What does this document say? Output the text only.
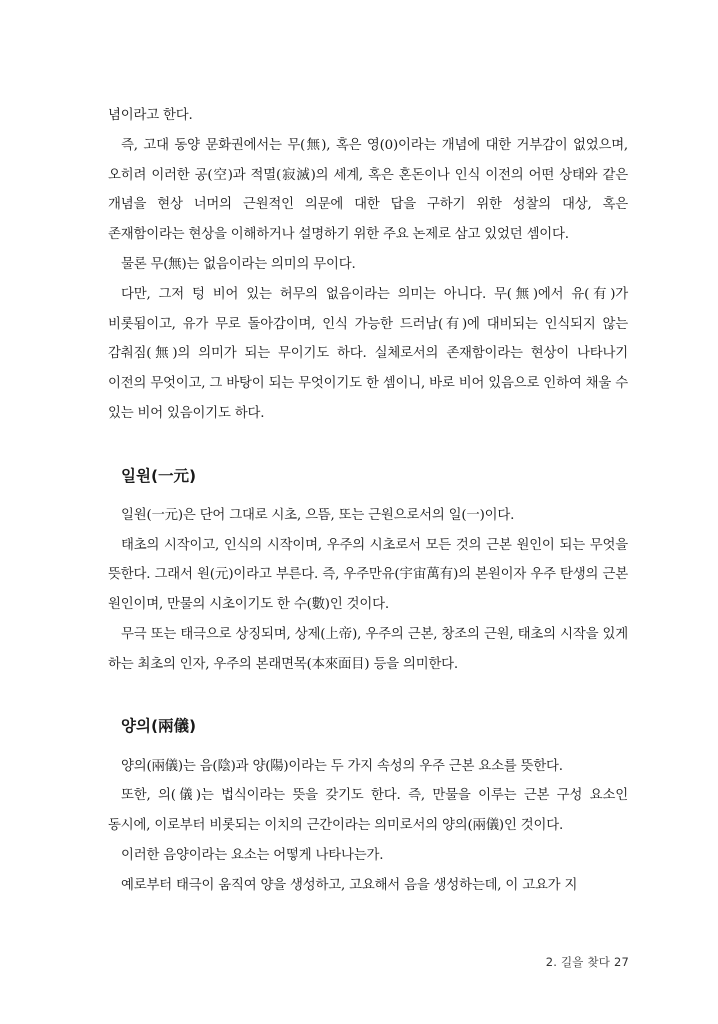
념이라고 한다.

즉, 고대 동양 문화권에서는 무(無), 혹은 영(0)이라는 개념에 대한 거부감이 없었으며, 오히려 이러한 공(空)과 적멸(寂滅)의 세계, 혹은 혼돈이나 인식 이전의 어떤 상태와 같은 개념을 현상 너머의 근원적인 의문에 대한 답을 구하기 위한 성찰의 대상, 혹은 존재함이라는 현상을 이해하거나 설명하기 위한 주요 논제로 삼고 있었던 셈이다.

물론 무(無)는 없음이라는 의미의 무이다.

다만, 그저 텅 비어 있는 허무의 없음이라는 의미는 아니다. 무(無)에서 유(有)가 비롯됨이고, 유가 무로 돌아감이며, 인식 가능한 드러남(有)에 대비되는 인식되지 않는 감춰짐(無)의 의미가 되는 무이기도 하다. 실체로서의 존재함이라는 현상이 나타나기 이전의 무엇이고, 그 바탕이 되는 무엇이기도 한 셈이니, 바로 비어 있음으로 인하여 채울 수 있는 비어 있음이기도 하다.

일원(一元)

일원(一元)은 단어 그대로 시초, 으뜸, 또는 근원으로서의 일(一)이다.

태초의 시작이고, 인식의 시작이며, 우주의 시초로서 모든 것의 근본 원인이 되는 무엇을 뜻한다. 그래서 원(元)이라고 부른다. 즉, 우주만유(宇宙萬有)의 본원이자 우주 탄생의 근본 원인이며, 만물의 시초이기도 한 수(數)인 것이다.

무극 또는 태극으로 상징되며, 상제(上帝), 우주의 근본, 창조의 근원, 태초의 시작을 있게 하는 최초의 인자, 우주의 본래면목(本來面目) 등을 의미한다.

양의(兩儀)

양의(兩儀)는 음(陰)과 양(陽)이라는 두 가지 속성의 우주 근본 요소를 뜻한다.

또한, 의(儀)는 법식이라는 뜻을 갖기도 한다. 즉, 만물을 이루는 근본 구성 요소인 동시에, 이로부터 비롯되는 이치의 근간이라는 의미로서의 양의(兩儀)인 것이다.

이러한 음양이라는 요소는 어떻게 나타나는가.

예로부터 태극이 움직여 양을 생성하고, 고요해서 음을 생성하는데, 이 고요가 지

2. 길을 찾다 27
